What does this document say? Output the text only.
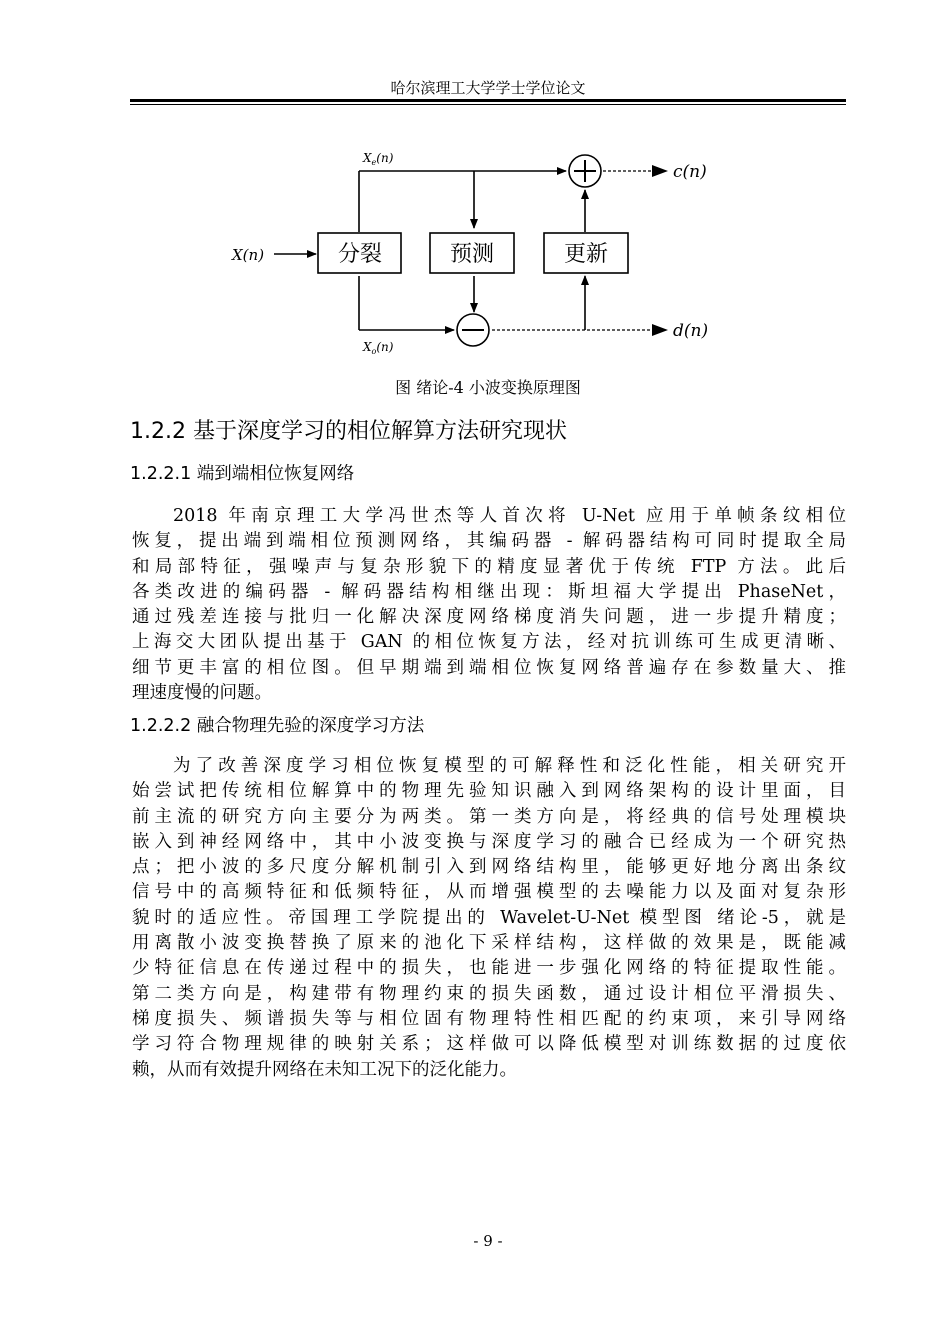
哈尔滨理工大学学士学位论文
分裂	预测	更新
X(n)
$X_e(n)$
$X_o(n)$
c(n)
d(n)
图 绪论-4 小波变换原理图
1.2.2 基于深度学习的相位解算方法研究现状
1.2.2.1 端到端相位恢复网络
2018 年南京理工大学冯世杰等人首次将 U-Net 应用于单帧条纹相位
恢复，提出端到端相位预测网络，其编码器 - 解码器结构可同时提取全局
和局部特征，强噪声与复杂形貌下的精度显著优于传统 FTP 方法。此后
各类改进的编码器 - 解码器结构相继出现：斯坦福大学提出 PhaseNet，
通过残差连接与批归一化解决深度网络梯度消失问题，进一步提升精度；
上海交大团队提出基于 GAN 的相位恢复方法，经对抗训练可生成更清晰、
细节更丰富的相位图。但早期端到端相位恢复网络普遍存在参数量大、推
理速度慢的问题。
1.2.2.2 融合物理先验的深度学习方法
为了改善深度学习相位恢复模型的可解释性和泛化性能，相关研究开
始尝试把传统相位解算中的物理先验知识融入到网络架构的设计里面，目
前主流的研究方向主要分为两类。第一类方向是，将经典的信号处理模块
嵌入到神经网络中，其中小波变换与深度学习的融合已经成为一个研究热
点；把小波的多尺度分解机制引入到网络结构里，能够更好地分离出条纹
信号中的高频特征和低频特征，从而增强模型的去噪能力以及面对复杂形
貌时的适应性。帝国理工学院提出的 Wavelet-U-Net 模型图 绪论-5，就是
用离散小波变换替换了原来的池化下采样结构，这样做的效果是，既能减
少特征信息在传递过程中的损失，也能进一步强化网络的特征提取性能。
第二类方向是，构建带有物理约束的损失函数，通过设计相位平滑损失、
梯度损失、频谱损失等与相位固有物理特性相匹配的约束项，来引导网络
学习符合物理规律的映射关系；这样做可以降低模型对训练数据的过度依
赖，从而有效提升网络在未知工况下的泛化能力。
- 9 -
